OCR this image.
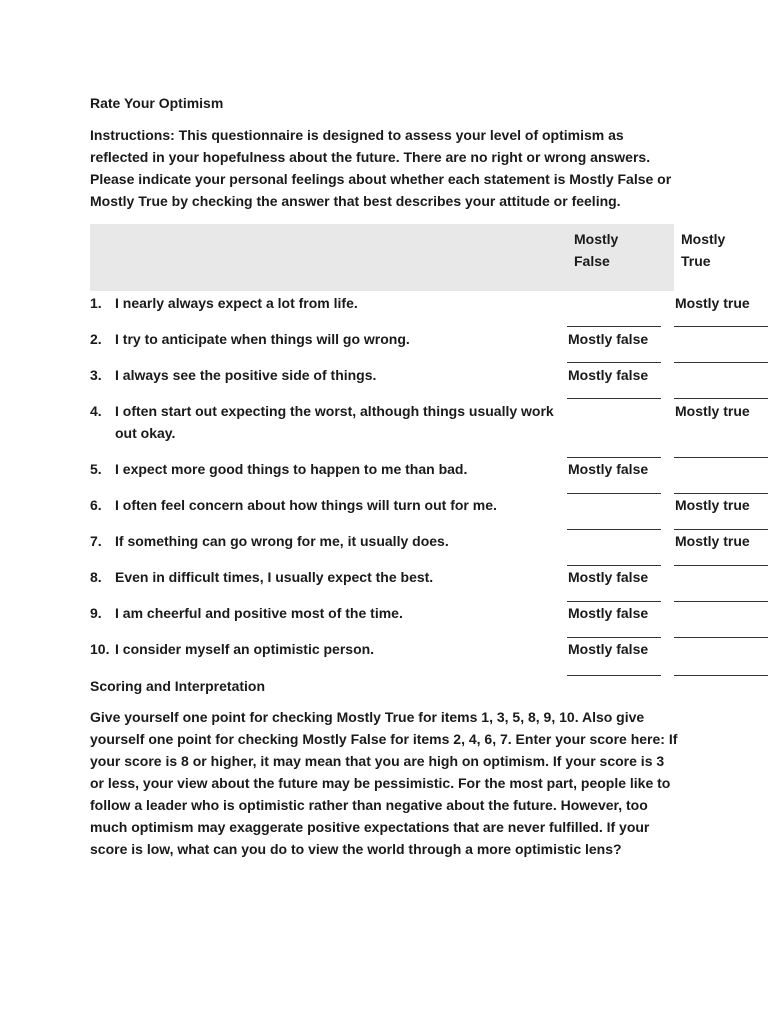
Rate Your Optimism

Instructions: This questionnaire is designed to assess your level of optimism as reflected in your hopefulness about the future. There are no right or wrong answers. Please indicate your personal feelings about whether each statement is Mostly False or Mostly True by checking the answer that best describes your attitude or feeling.

Mostly False
Mostly True
1. I nearly always expect a lot from life.	Mostly true
2. I try to anticipate when things will go wrong.	Mostly false
3. I always see the positive side of things.	Mostly false
4. I often start out expecting the worst, although things usually work out okay.
Mostly true
5. I expect more good things to happen to me than bad.	Mostly false
6. I often feel concern about how things will turn out for me.	Mostly true
7. If something can go wrong for me, it usually does.	Mostly true
8. Even in difficult times, I usually expect the best.	Mostly false
9. I am cheerful and positive most of the time.	Mostly false
10. I consider myself an optimistic person.	Mostly false
Scoring and Interpretation

Give yourself one point for checking Mostly True for items 1, 3, 5, 8, 9, 10. Also give yourself one point for checking Mostly False for items 2, 4, 6, 7. Enter your score here: If your score is 8 or higher, it may mean that you are high on optimism. If your score is 3 or less, your view about the future may be pessimistic. For the most part, people like to follow a leader who is optimistic rather than negative about the future. However, too much optimism may exaggerate positive expectations that are never fulfilled. If your score is low, what can you do to view the world through a more optimistic lens?
